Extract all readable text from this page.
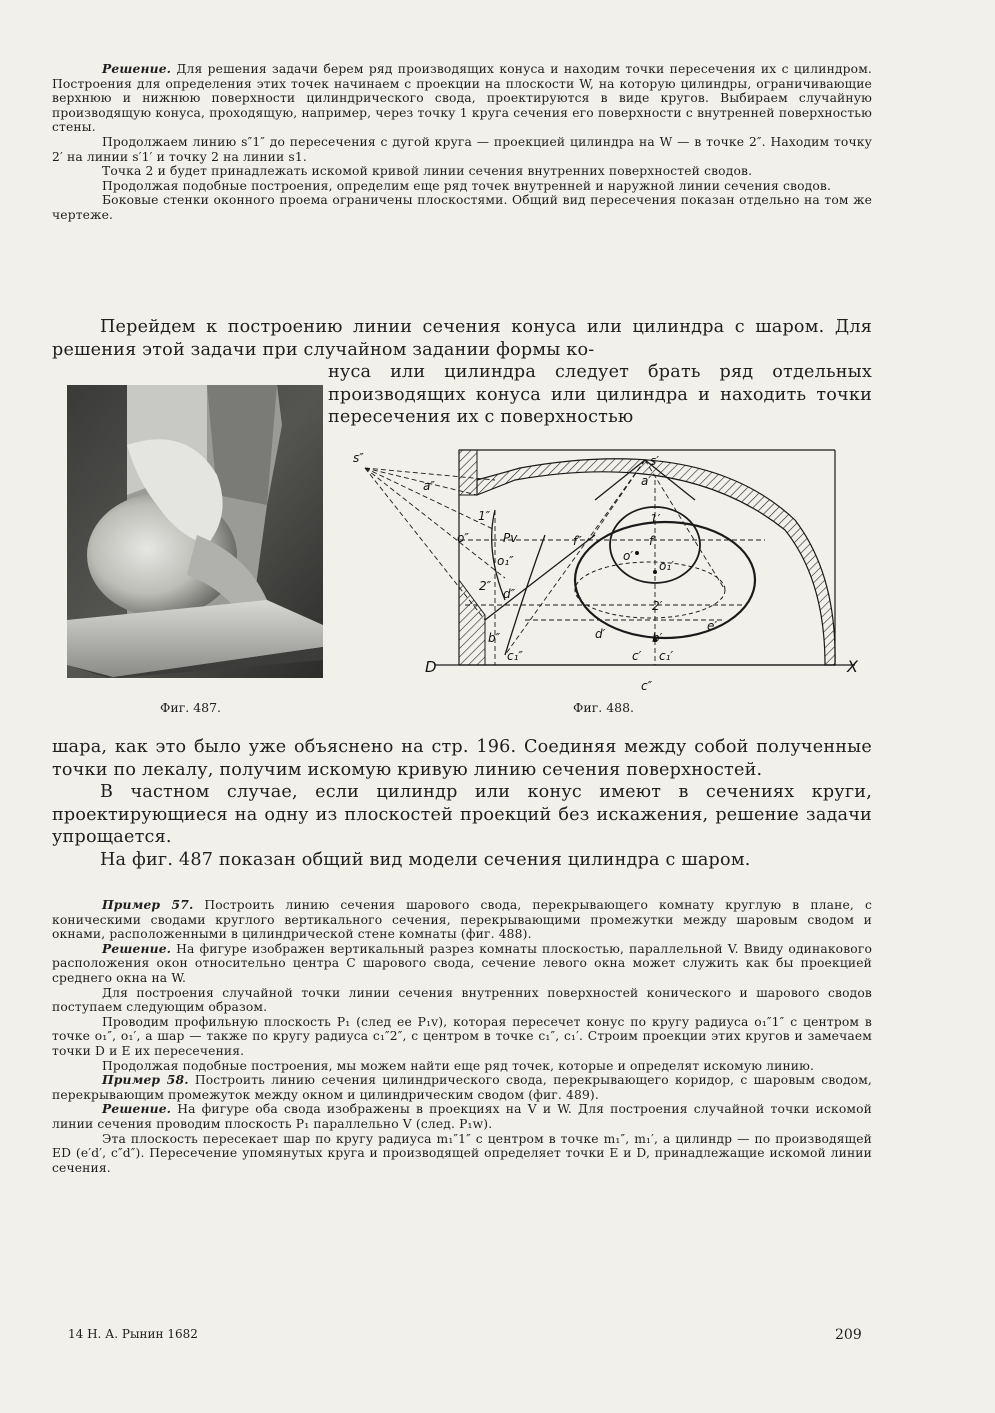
Решение. Для решения задачи берем ряд производящих конуса и находим точки пересечения их с цилиндром. Построения для определения этих точек начинаем с проекции на плоскости W, на которую цилиндры, ограничивающие верхнюю и нижнюю поверхности цилиндрического свода, проектируются в виде кругов. Выбираем случайную производящую конуса, проходящую, например, через точку 1 круга сечения его поверхности с внутренней поверхностью стены.
Продолжаем линию s″1″ до пересечения с дугой круга — проекцией цилиндра на W — в точке 2″. Находим точку 2′ на линии s′1′ и точку 2 на линии s1.
Точка 2 и будет принадлежать искомой кривой линии сечения внутренних поверхностей сводов.
Продолжая подобные построения, определим еще ряд точек внутренней и наружной линии сечения сводов.
Боковые стенки оконного проема ограничены плоскостями. Общий вид пересечения показан отдельно на том же чертеже.
Перейдем к построению линии сечения конуса или цилиндра с шаром. Для решения этой задачи при случайном задании формы ко-
нуса или цилиндра следует брать ряд отдельных производящих конуса или цилиндра и находить точки пересечения их с поверхностью
s″	s′
a″	a′
1″	1′
o″
o′
Pv
o₁″
f″	f′
o₁′
2″
d″
2′
b″	b′
d′
e′
c₁″	c′ c₁′
c″
D	X
Фиг. 487.	Фиг. 488.
шара, как это было уже объяснено на стр. 196. Соединяя между собой полученные точки по лекалу, получим искомую кривую линию сечения поверхностей.
В частном случае, если цилиндр или конус имеют в сечениях круги, проектирующиеся на одну из плоскостей проекций без искажения, решение задачи упрощается.
На фиг. 487 показан общий вид модели сечения цилиндра с шаром.
Пример 57. Построить линию сечения шарового свода, перекрывающего комнату круглую в плане, с коническими сводами круглого вертикального сечения, перекрывающими промежутки между шаровым сводом и окнами, расположенными в цилиндрической стене комнаты (фиг. 488).
Решение. На фигуре изображен вертикальный разрез комнаты плоскостью, параллельной V. Ввиду одинакового расположения окон относительно центра C шарового свода, сечение левого окна может служить как бы проекцией среднего окна на W.
Для построения случайной точки линии сечения внутренних поверхностей конического и шарового сводов поступаем следующим образом.
Проводим профильную плоскость P₁ (след ее P₁v), которая пересечет конус по кругу радиуса o₁″1″ с центром в точке o₁″, o₁′, а шар — также по кругу радиуса c₁″2″, с центром в точке c₁″, c₁′. Строим проекции этих кругов и замечаем точки D и E их пересечения.
Продолжая подобные построения, мы можем найти еще ряд точек, которые и определят искомую линию.
Пример 58. Построить линию сечения цилиндрического свода, перекрывающего коридор, с шаровым сводом, перекрывающим промежуток между окном и цилиндрическим сводом (фиг. 489).
Решение. На фигуре оба свода изображены в проекциях на V и W. Для построения случайной точки искомой линии сечения проводим плоскость P₁ параллельно V (след. P₁w).
Эта плоскость пересекает шар по кругу радиуса m₁″1″ с центром в точке m₁″, m₁′, а цилиндр — по производящей ED (e′d′, c″d″). Пересечение упомянутых круга и производящей определяет точки E и D, принадлежащие искомой линии сечения.
14 Н. А. Рынин 1682	209
